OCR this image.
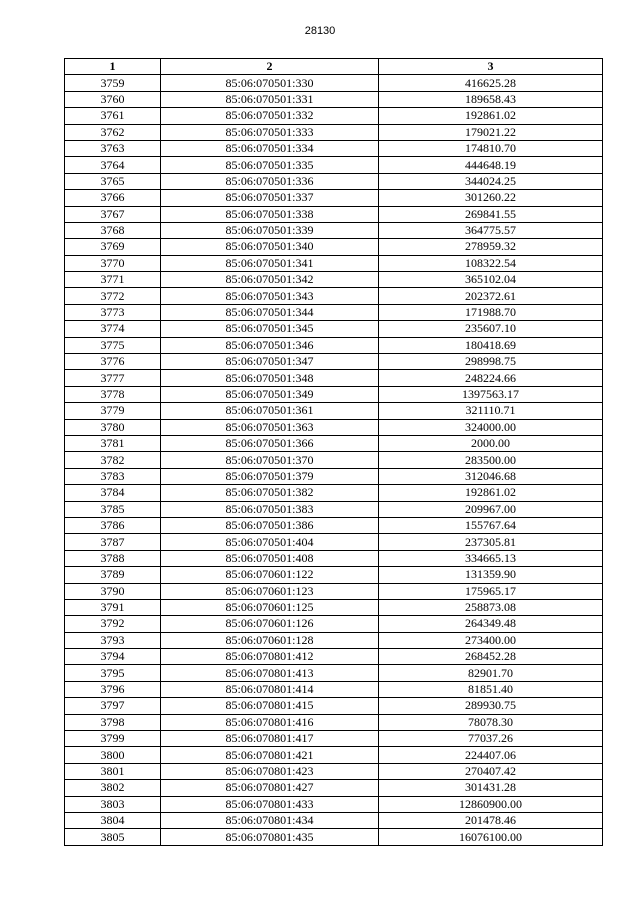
28130
1	2	3
3759	85:06:070501:330	416625.28
3760	85:06:070501:331	189658.43
3761	85:06:070501:332	192861.02
3762	85:06:070501:333	179021.22
3763	85:06:070501:334	174810.70
3764	85:06:070501:335	444648.19
3765	85:06:070501:336	344024.25
3766	85:06:070501:337	301260.22
3767	85:06:070501:338	269841.55
3768	85:06:070501:339	364775.57
3769	85:06:070501:340	278959.32
3770	85:06:070501:341	108322.54
3771	85:06:070501:342	365102.04
3772	85:06:070501:343	202372.61
3773	85:06:070501:344	171988.70
3774	85:06:070501:345	235607.10
3775	85:06:070501:346	180418.69
3776	85:06:070501:347	298998.75
3777	85:06:070501:348	248224.66
3778	85:06:070501:349	1397563.17
3779	85:06:070501:361	321110.71
3780	85:06:070501:363	324000.00
3781	85:06:070501:366	2000.00
3782	85:06:070501:370	283500.00
3783	85:06:070501:379	312046.68
3784	85:06:070501:382	192861.02
3785	85:06:070501:383	209967.00
3786	85:06:070501:386	155767.64
3787	85:06:070501:404	237305.81
3788	85:06:070501:408	334665.13
3789	85:06:070601:122	131359.90
3790	85:06:070601:123	175965.17
3791	85:06:070601:125	258873.08
3792	85:06:070601:126	264349.48
3793	85:06:070601:128	273400.00
3794	85:06:070801:412	268452.28
3795	85:06:070801:413	82901.70
3796	85:06:070801:414	81851.40
3797	85:06:070801:415	289930.75
3798	85:06:070801:416	78078.30
3799	85:06:070801:417	77037.26
3800	85:06:070801:421	224407.06
3801	85:06:070801:423	270407.42
3802	85:06:070801:427	301431.28
3803	85:06:070801:433	12860900.00
3804	85:06:070801:434	201478.46
3805	85:06:070801:435	16076100.00
